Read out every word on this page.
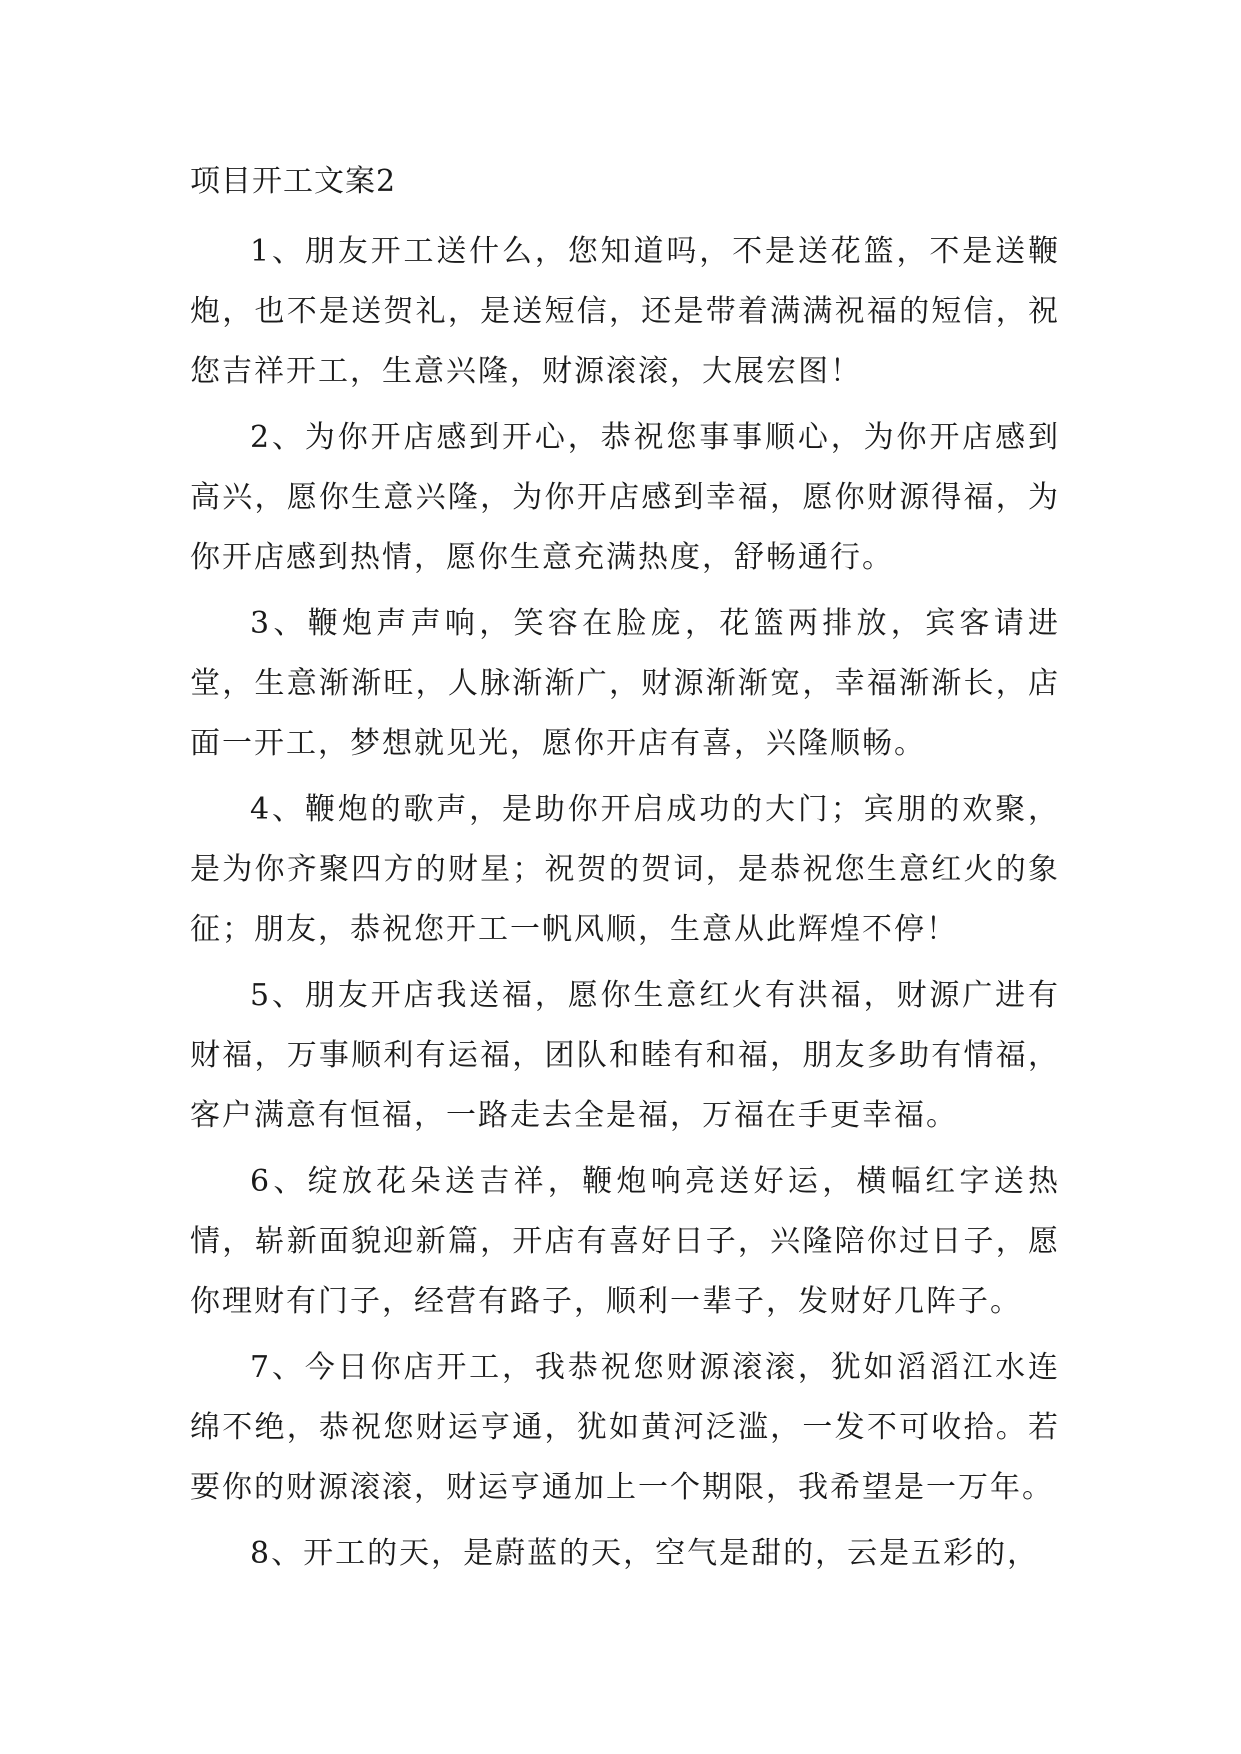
项目开工文案2

1、朋友开工送什么，您知道吗，不是送花篮，不是送鞭炮，也不是送贺礼，是送短信，还是带着满满祝福的短信，祝您吉祥开工，生意兴隆，财源滚滚，大展宏图！

2、为你开店感到开心，恭祝您事事顺心，为你开店感到高兴，愿你生意兴隆，为你开店感到幸福，愿你财源得福，为你开店感到热情，愿你生意充满热度，舒畅通行。

3、鞭炮声声响，笑容在脸庞，花篮两排放，宾客请进堂，生意渐渐旺，人脉渐渐广，财源渐渐宽，幸福渐渐长，店面一开工，梦想就见光，愿你开店有喜，兴隆顺畅。

4、鞭炮的歌声，是助你开启成功的大门；宾朋的欢聚，是为你齐聚四方的财星；祝贺的贺词，是恭祝您生意红火的象征；朋友，恭祝您开工一帆风顺，生意从此辉煌不停！

5、朋友开店我送福，愿你生意红火有洪福，财源广进有财福，万事顺利有运福，团队和睦有和福，朋友多助有情福，客户满意有恒福，一路走去全是福，万福在手更幸福。

6、绽放花朵送吉祥，鞭炮响亮送好运，横幅红字送热情，崭新面貌迎新篇，开店有喜好日子，兴隆陪你过日子，愿你理财有门子，经营有路子，顺利一辈子，发财好几阵子。

7、今日你店开工，我恭祝您财源滚滚，犹如滔滔江水连绵不绝，恭祝您财运亨通，犹如黄河泛滥，一发不可收拾。若要你的财源滚滚，财运亨通加上一个期限，我希望是一万年。

8、开工的天，是蔚蓝的天，空气是甜的，云是五彩的，
